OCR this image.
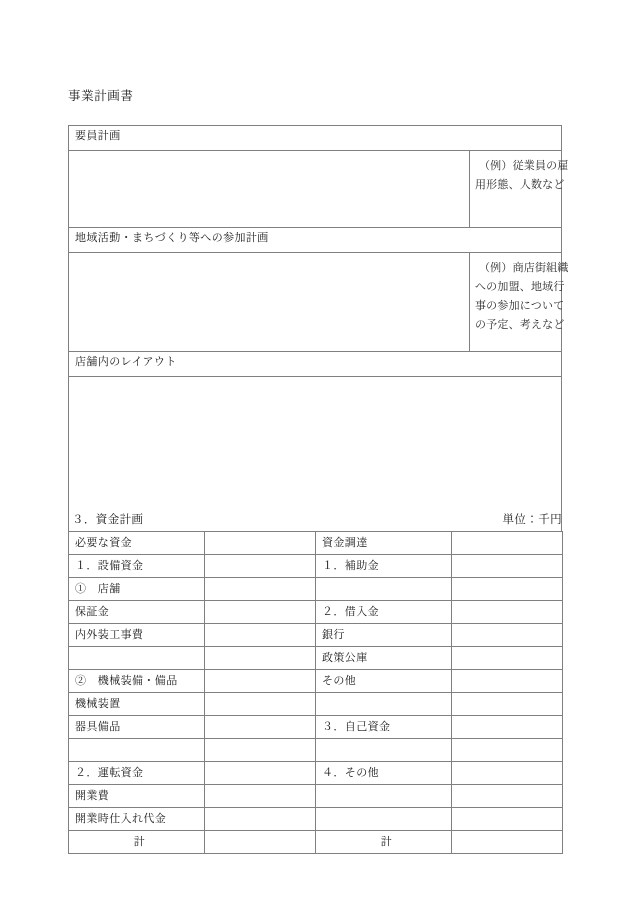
事業計画書
要員計画	

	（例）従業員の雇
用形態、人数など

地域活動・まちづくり等への参加計画	

	（例）商店街組織
への加盟、地域行
事の参加について
の予定、考えなど

店舗内のレイアウト	

３．資金計画	単位：千円
必要な資金		資金調達	
１．設備資金		１．補助金	
①　店舗			
保証金		２．借入金	
内外装工事費		銀行	
		政策公庫	
②　機械装備・備品		その他	
機械装置			
器具備品		３．自己資金	

２．運転資金		４．その他	
開業費			
開業時仕入れ代金			
計		計	
